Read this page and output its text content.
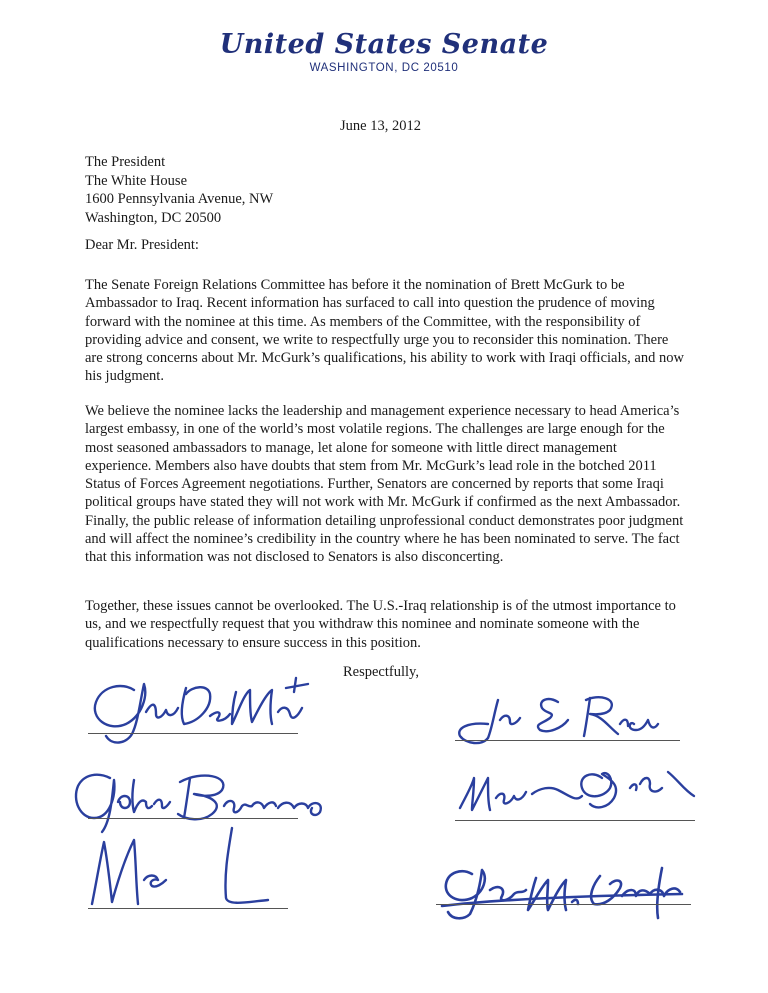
United States Senate
WASHINGTON, DC 20510
June 13, 2012
The President
The White House
1600 Pennsylvania Avenue, NW
Washington, DC 20500
Dear Mr. President:
The Senate Foreign Relations Committee has before it the nomination of Brett McGurk to be Ambassador to Iraq. Recent information has surfaced to call into question the prudence of moving forward with the nominee at this time. As members of the Committee, with the responsibility of providing advice and consent, we write to respectfully urge you to reconsider this nomination. There are strong concerns about Mr. McGurk’s qualifications, his ability to work with Iraqi officials, and now his judgment.
We believe the nominee lacks the leadership and management experience necessary to head America’s largest embassy, in one of the world’s most volatile regions. The challenges are large enough for the most seasoned ambassadors to manage, let alone for someone with little direct management experience. Members also have doubts that stem from Mr. McGurk’s lead role in the botched 2011 Status of Forces Agreement negotiations. Further, Senators are concerned by reports that some Iraqi political groups have stated they will not work with Mr. McGurk if confirmed as the next Ambassador. Finally, the public release of information detailing unprofessional conduct demonstrates poor judgment and will affect the nominee’s credibility in the country where he has been nominated to serve. The fact that this information was not disclosed to Senators is also disconcerting.
Together, these issues cannot be overlooked. The U.S.-Iraq relationship is of the utmost importance to us, and we respectfully request that you withdraw this nominee and nominate someone with the qualifications necessary to ensure success in this position.
Respectfully,
